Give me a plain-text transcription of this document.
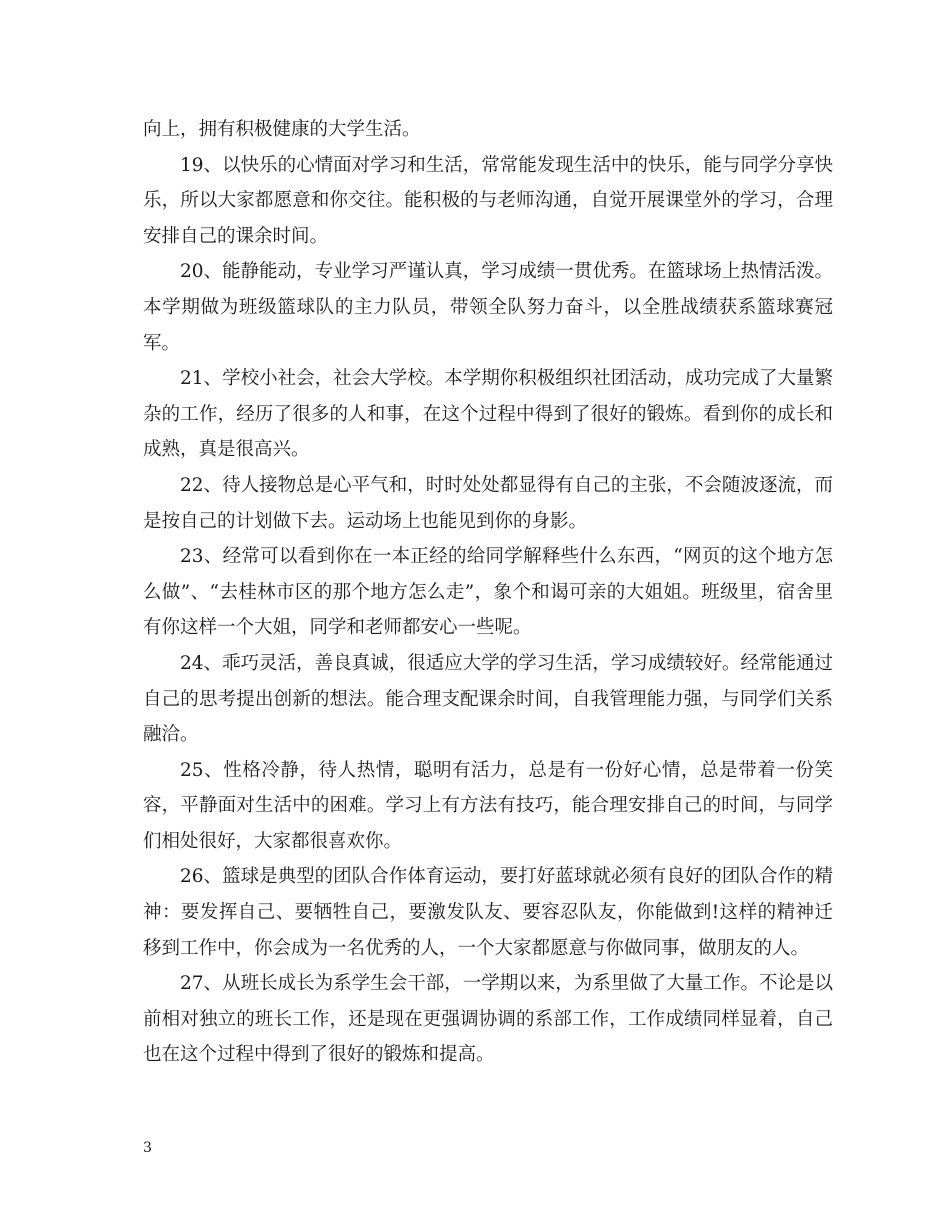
向上，拥有积极健康的大学生活。

19、以快乐的心情面对学习和生活，常常能发现生活中的快乐，能与同学分享快乐，所以大家都愿意和你交往。能积极的与老师沟通，自觉开展课堂外的学习，合理安排自己的课余时间。

20、能静能动，专业学习严谨认真，学习成绩一贯优秀。在篮球场上热情活泼。本学期做为班级篮球队的主力队员，带领全队努力奋斗，以全胜战绩获系篮球赛冠军。

21、学校小社会，社会大学校。本学期你积极组织社团活动，成功完成了大量繁杂的工作，经历了很多的人和事，在这个过程中得到了很好的锻炼。看到你的成长和成熟，真是很高兴。

22、待人接物总是心平气和，时时处处都显得有自己的主张，不会随波逐流，而是按自己的计划做下去。运动场上也能见到你的身影。

23、经常可以看到你在一本正经的给同学解释些什么东西，“网页的这个地方怎么做”、“去桂林市区的那个地方怎么走”，象个和谒可亲的大姐姐。班级里，宿舍里有你这样一个大姐，同学和老师都安心一些呢。

24、乖巧灵活，善良真诚，很适应大学的学习生活，学习成绩较好。经常能通过自己的思考提出创新的想法。能合理支配课余时间，自我管理能力强，与同学们关系融洽。

25、性格冷静，待人热情，聪明有活力，总是有一份好心情，总是带着一份笑容，平静面对生活中的困难。学习上有方法有技巧，能合理安排自己的时间，与同学们相处很好，大家都很喜欢你。

26、篮球是典型的团队合作体育运动，要打好蓝球就必须有良好的团队合作的精神：要发挥自己、要牺牲自己，要激发队友、要容忍队友，你能做到!这样的精神迁移到工作中，你会成为一名优秀的人，一个大家都愿意与你做同事，做朋友的人。

27、从班长成长为系学生会干部，一学期以来，为系里做了大量工作。不论是以前相对独立的班长工作，还是现在更强调协调的系部工作，工作成绩同样显着，自己也在这个过程中得到了很好的锻炼和提高。

3
